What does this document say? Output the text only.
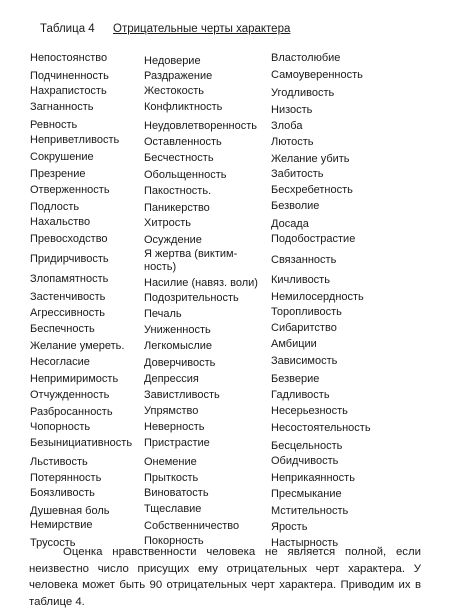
Таблица 4 Отрицательные черты характера
Непостоянство
Подчиненность
Нахрапистость
Загнанность
Ревность
Неприветливость
Сокрушение
Презрение
Отверженность
Подлость
Нахальство
Превосходство
Придирчивость
Злопамятность
Застенчивость
Агрессивность
Беспечность
Желание умереть.
Несогласие
Непримиримость
Отчужденность
Разбросанность
Чопорность
Безынициативность
Льстивость
Потерянность
Боязливость
Душевная боль
Немирствие
Трусость
Недоверие
Раздражение
Жестокость
Конфликтность
Неудовлетворенность
Оставленность
Бесчестность
Обольщенность
Пакостность.
Паникерство
Хитрость
Осуждение
Я жертва (виктим- ность)
Насилие (навяз. воли)
Подозрительность
Печаль
Униженность
Легкомыслие
Доверчивость
Депрессия
Завистливость
Упрямство
Неверность
Пристрастие
Онемение
Прыткость
Виноватость
Тщеславие
Собственничество
Покорность
Властолюбие
Самоуверенность
Угодливость
Низость
Злоба
Лютость
Желание убить
Забитость
Бесхребетность
Безволие
Досада
Подобострастие
Связанность
Кичливость
Немилосердность
Торопливость
Сибаритство
Амбиции
Зависимость
Безверие
Гадливость
Несерьезность
Несостоятельность
Бесцельность
Обидчивость
Неприкаянность
Пресмыкание
Мстительность
Ярость
Настырность
Оценка нравственности человека не является полной, если неизвестно число присущих ему отрицательных черт характера. У человека может быть 90 отрицательных черт характера. Приводим их в таблице 4.
